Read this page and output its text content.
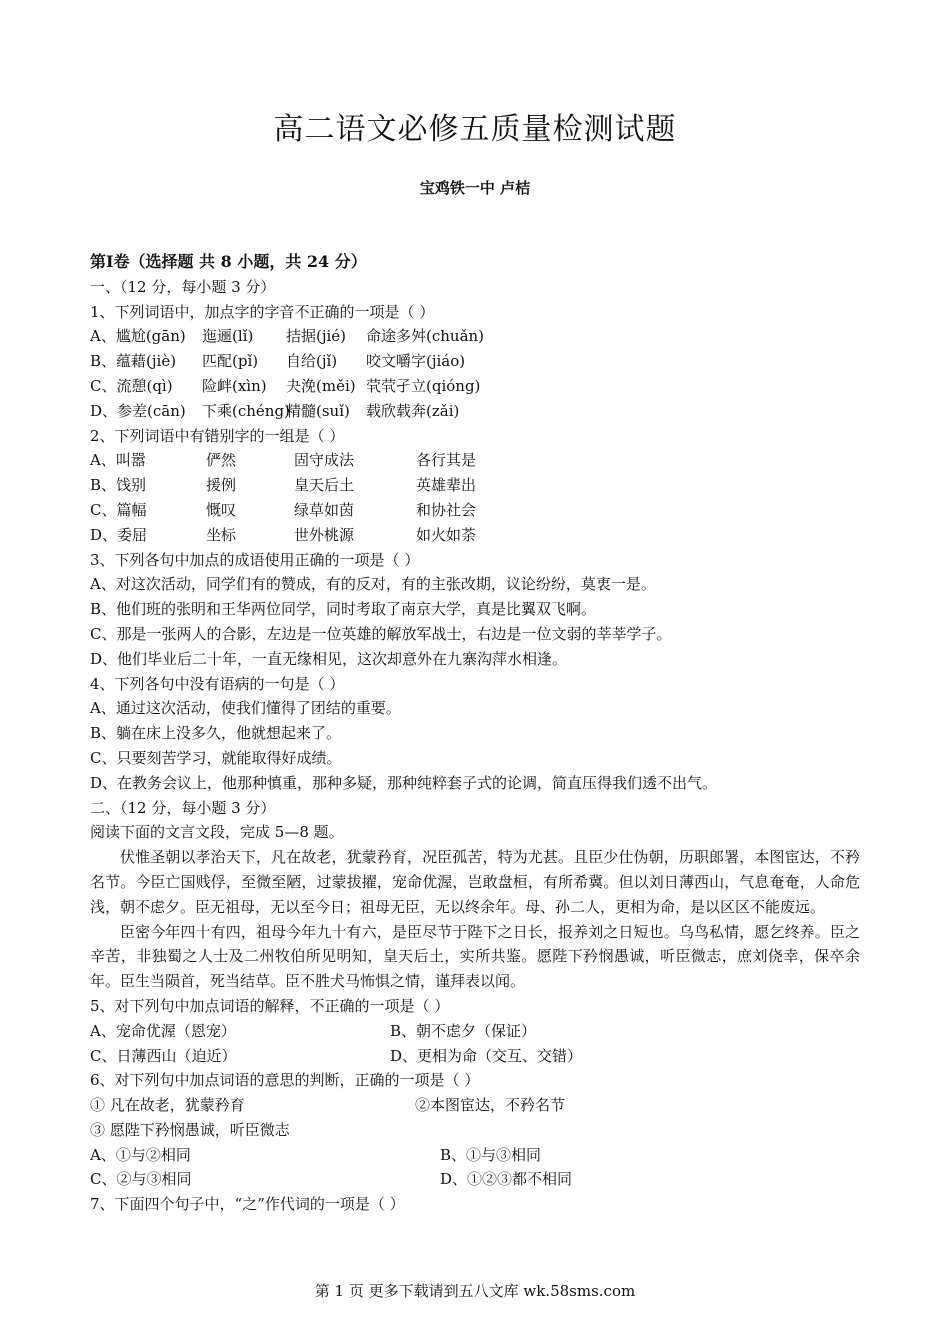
高二语文必修五质量检测试题
宝鸡铁一中 卢桔
第Ⅰ卷（选择题 共 8 小题，共 24 分）
一、（12 分，每小题 3 分）
1、下列词语中，加点字的字音不正确的一项是（ ）
A、尴尬(gān) 迤逦(lǐ) 拮据(jié) 命途多舛(chuǎn)
B、蕴藉(jiè) 匹配(pǐ) 自给(jǐ) 咬文嚼字(jiáo)
C、流憩(qì) 险衅(xìn) 夬浼(měi) 茕茕孑立(qióng)
D、参差(cān) 下乘(chéng)精髓(suǐ) 载欣载奔(zǎi)
2、下列词语中有错别字的一组是（ ）
A、叫嚣	俨然	固守成法	各行其是
B、饯别	援例	皇天后土	英雄辈出
C、篇幅	慨叹	绿草如茵	和协社会
D、委屈	坐标	世外桃源	如火如荼
3、下列各句中加点的成语使用正确的一项是（ ）
A、对这次活动，同学们有的赞成，有的反对，有的主张改期，议论纷纷，莫衷一是。
B、他们班的张明和王华两位同学，同时考取了南京大学，真是比翼双飞啊。
C、那是一张两人的合影，左边是一位英雄的解放军战士，右边是一位文弱的莘莘学子。
D、他们毕业后二十年，一直无缘相见，这次却意外在九寨沟萍水相逢。
4、下列各句中没有语病的一句是（ ）
A、通过这次活动，使我们懂得了团结的重要。
B、躺在床上没多久，他就想起来了。
C、只要刻苦学习，就能取得好成绩。
D、在教务会议上，他那种慎重，那种多疑，那种纯粹套子式的论调，简直压得我们透不出气。
二、（12 分，每小题 3 分）
阅读下面的文言文段，完成 5—8 题。
伏惟圣朝以孝治天下，凡在故老，犹蒙矜育，况臣孤苦，特为尤甚。且臣少仕伪朝，历职郎署，本图宦达，不矜名节。今臣亡国贱俘，至微至陋，过蒙拔擢，宠命优渥，岂敢盘桓，有所希冀。但以刘日薄西山，气息奄奄，人命危浅，朝不虑夕。臣无祖母，无以至今日；祖母无臣，无以终余年。母、孙二人，更相为命，是以区区不能废远。
臣密今年四十有四，祖母今年九十有六，是臣尽节于陛下之日长，报养刘之日短也。乌鸟私情，愿乞终养。臣之辛苦，非独蜀之人士及二州牧伯所见明知，皇天后土，实所共鉴。愿陛下矜悯愚诚，听臣微志，庶刘侥幸，保卒余年。臣生当陨首，死当结草。臣不胜犬马怖惧之情，谨拜表以闻。
5、对下列句中加点词语的解释，不正确的一项是（ ）
A、宠命优渥（恩宠）	B、朝不虑夕（保证）
C、日薄西山（迫近）	D、更相为命（交互、交错）
6、对下列句中加点词语的意思的判断，正确的一项是（ ）
① 凡在故老，犹蒙矜育	②本图宦达，不矜名节
③ 愿陛下矜悯愚诚，听臣微志
A、①与②相同	B、①与③相同
C、②与③相同	D、①②③都不相同
7、下面四个句子中，“之”作代词的一项是（ ）
第 1 页 更多下载请到五八文库 wk.58sms.com
